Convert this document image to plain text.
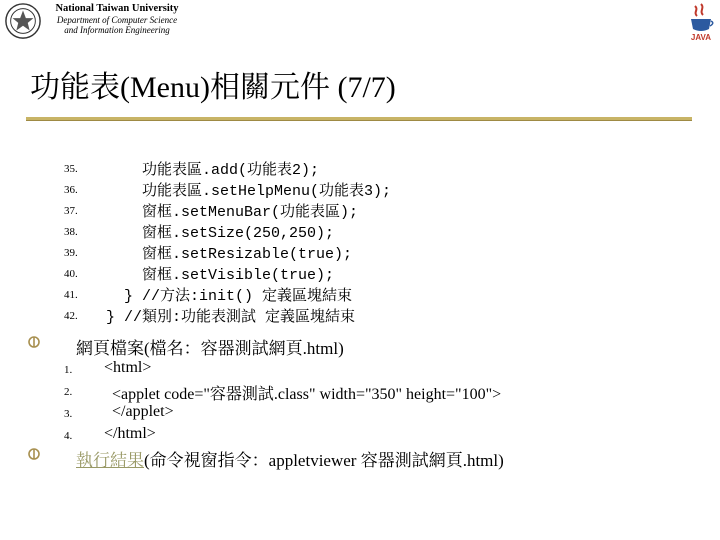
National Taiwan University
Department of Computer Science
and Information Engineering
JAVA
功能表(Menu)相關元件 (7/7)
35.	功能表區.add(功能表2);
36.	功能表區.setHelpMenu(功能表3);
37.	窗框.setMenuBar(功能表區);
38.	窗框.setSize(250,250);
39.	窗框.setResizable(true);
40.	窗框.setVisible(true);
41.	} //方法:init() 定義區塊結束
42. } //類別:功能表測試 定義區塊結束
網頁檔案(檔名：容器測試網頁.html)
1. <html>
2. <applet code="容器測試.class" width="350" height="100">
3. </applet>
4. </html>
執行結果(命令視窗指令：appletviewer 容器測試網頁.html)
